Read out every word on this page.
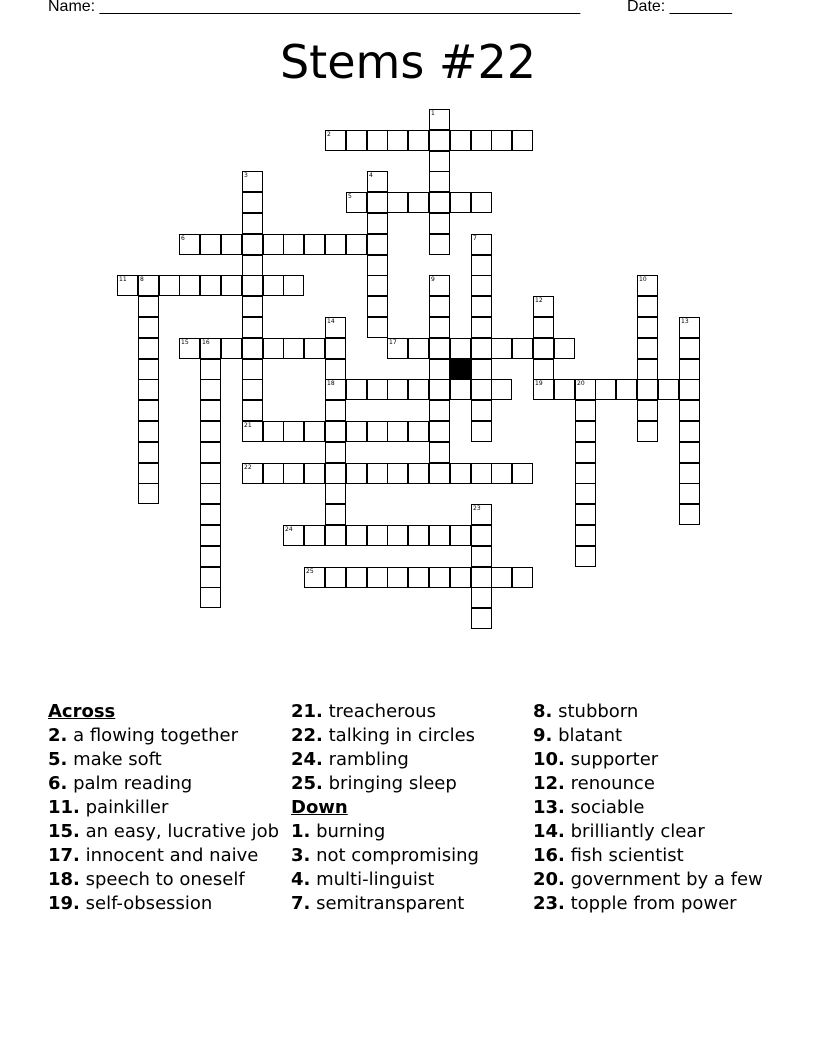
Name: ______________________________________________________	Date: _______
Stems #22
2
5
6
11 8
15 16	17
18	19	20
21
22
24
25
1
3	4
7
9	10
12
13
14
23
Across
2. a flowing together
5. make soft
6. palm reading
11. painkiller
15. an easy, lucrative job
17. innocent and naive
18. speech to oneself
19. self-obsession
21. treacherous
22. talking in circles
24. rambling
25. bringing sleep
Down
1. burning
3. not compromising
4. multi-linguist
7. semitransparent
8. stubborn
9. blatant
10. supporter
12. renounce
13. sociable
14. brilliantly clear
16. fish scientist
20. government by a few
23. topple from power
